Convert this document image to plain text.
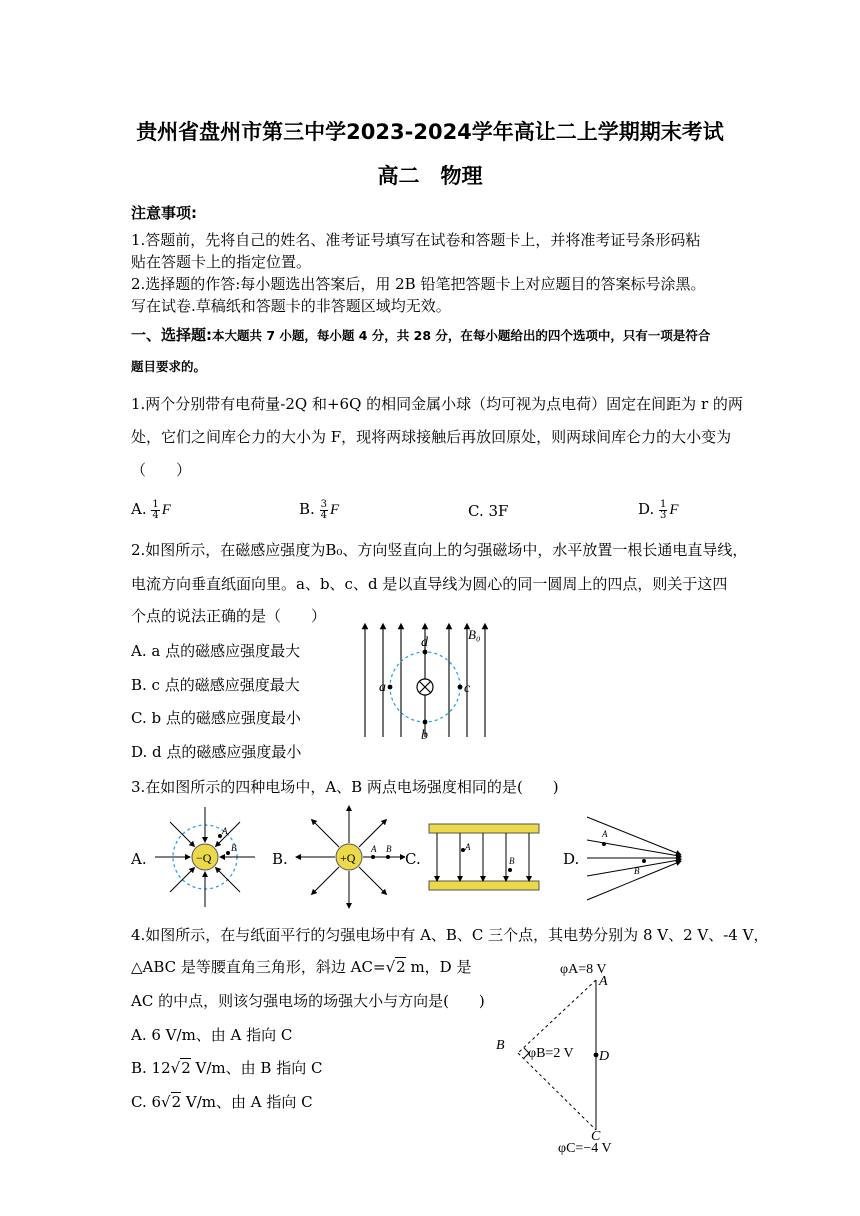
贵州省盘州市第三中学2023-2024学年高让二上学期期末考试
高二　物理
注意事项:
1.答题前，先将自己的姓名、准考证号填写在试卷和答题卡上，并将准考证号条形码粘
贴在答题卡上的指定位置。
2.选择题的作答:每小题选出答案后，用 2B 铅笔把答题卡上对应题目的答案标号涂黑。
写在试卷.草稿纸和答题卡的非答题区域均无效。
一、选择题:本大题共 7 小题，每小题 4 分，共 28 分，在每小题给出的四个选项中，只有一项是符合
题目要求的。
1.两个分别带有电荷量-2Q 和+6Q 的相同金属小球（均可视为点电荷）固定在间距为 r 的两
处，它们之间库仑力的大小为 F，现将两球接触后再放回原处，则两球间库仑力的大小变为
（　　）
A. $\frac{1}{4}$ F	B. $\frac{3}{4}$ F	C. 3F	D. $\frac{1}{3}$ F
2.如图所示，在磁感应强度为B₀、方向竖直向上的匀强磁场中，水平放置一根长通电直导线，
电流方向垂直纸面向里。a、b、c、d 是以直导线为圆心的同一圆周上的四点，则关于这四
个点的说法正确的是（　　）
A. a 点的磁感应强度最大
B. c 点的磁感应强度最大
C. b 点的磁感应强度最小
D. d 点的磁感应强度最小
a	c
d
b
B₀
3.在如图所示的四种电场中，A、B 两点电场强度相同的是(　　)
A.	−Q
A
B
B.	+Q
A B
C.
A
B	D.
A
B
4.如图所示，在与纸面平行的匀强电场中有 A、B、C 三个点，其电势分别为 8 V、2 V、-4 V，
△ABC 是等腰直角三角形，斜边 AC=√2 m，D 是
AC 的中点，则该匀强电场的场强大小与方向是(　　)
A. 6 V/m、由 A 指向 C
B. 12√2 V/m、由 B 指向 C
C. 6√2 V/m、由 A 指向 C
φA=8 V
A
B
φB=2 V D
C
φC=−4 V
